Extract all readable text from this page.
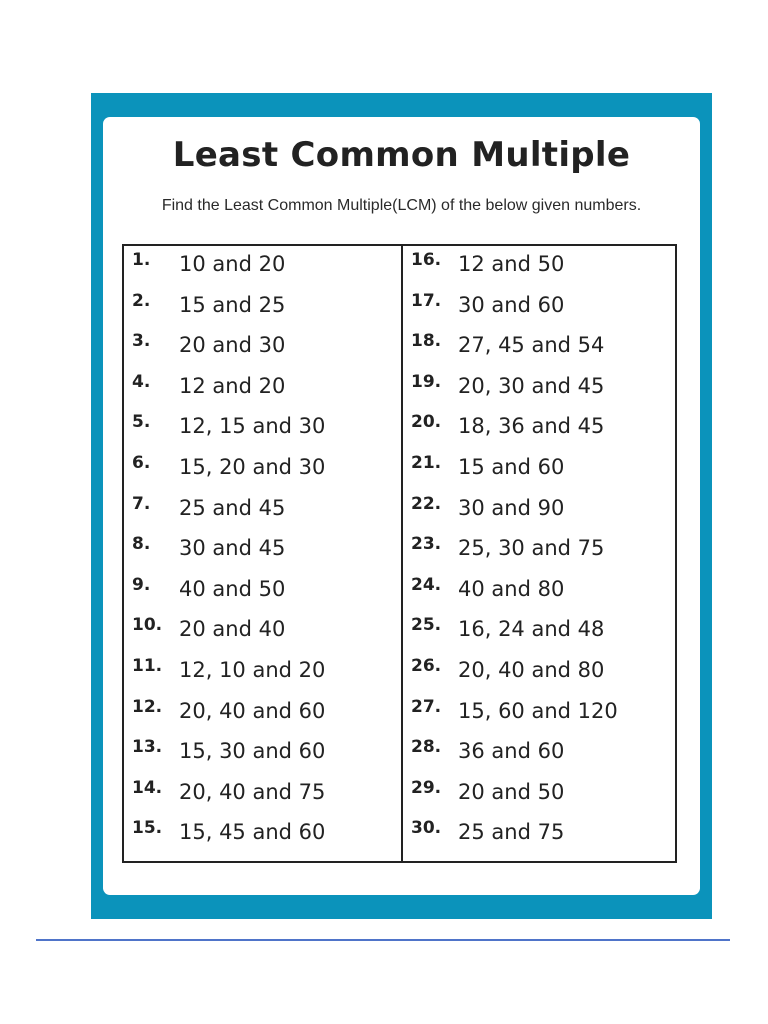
Least Common Multiple

Find the Least Common Multiple(LCM) of the below given numbers.

1. 10 and 20
2. 15 and 25
3. 20 and 30
4. 12 and 20
5. 12, 15 and 30
6. 15, 20 and 30
7. 25 and 45
8. 30 and 45
9. 40 and 50
10. 20 and 40
11. 12, 10 and 20
12. 20, 40 and 60
13. 15, 30 and 60
14. 20, 40 and 75
15. 15, 45 and 60
16. 12 and 50
17. 30 and 60
18. 27, 45 and 54
19. 20, 30 and 45
20. 18, 36 and 45
21. 15 and 60
22. 30 and 90
23. 25, 30 and 75
24. 40 and 80
25. 16, 24 and 48
26. 20, 40 and 80
27. 15, 60 and 120
28. 36 and 60
29. 20 and 50
30. 25 and 75
